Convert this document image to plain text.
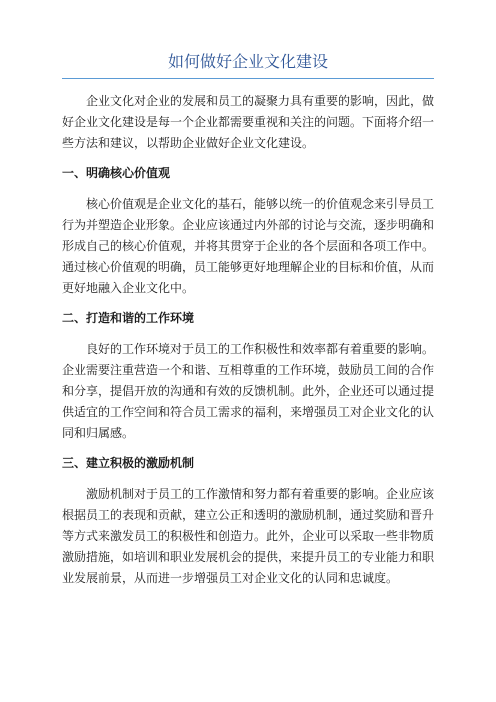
如何做好企业文化建设

企业文化对企业的发展和员工的凝聚力具有重要的影响，因此，做好企业文化建设是每一个企业都需要重视和关注的问题。下面将介绍一些方法和建议，以帮助企业做好企业文化建设。

一、明确核心价值观

核心价值观是企业文化的基石，能够以统一的价值观念来引导员工行为并塑造企业形象。企业应该通过内外部的讨论与交流，逐步明确和形成自己的核心价值观，并将其贯穿于企业的各个层面和各项工作中。通过核心价值观的明确，员工能够更好地理解企业的目标和价值，从而更好地融入企业文化中。

二、打造和谐的工作环境

良好的工作环境对于员工的工作积极性和效率都有着重要的影响。企业需要注重营造一个和谐、互相尊重的工作环境，鼓励员工间的合作和分享，提倡开放的沟通和有效的反馈机制。此外，企业还可以通过提供适宜的工作空间和符合员工需求的福利，来增强员工对企业文化的认同和归属感。

三、建立积极的激励机制

激励机制对于员工的工作激情和努力都有着重要的影响。企业应该根据员工的表现和贡献，建立公正和透明的激励机制，通过奖励和晋升等方式来激发员工的积极性和创造力。此外，企业可以采取一些非物质激励措施，如培训和职业发展机会的提供，来提升员工的专业能力和职业发展前景，从而进一步增强员工对企业文化的认同和忠诚度。
